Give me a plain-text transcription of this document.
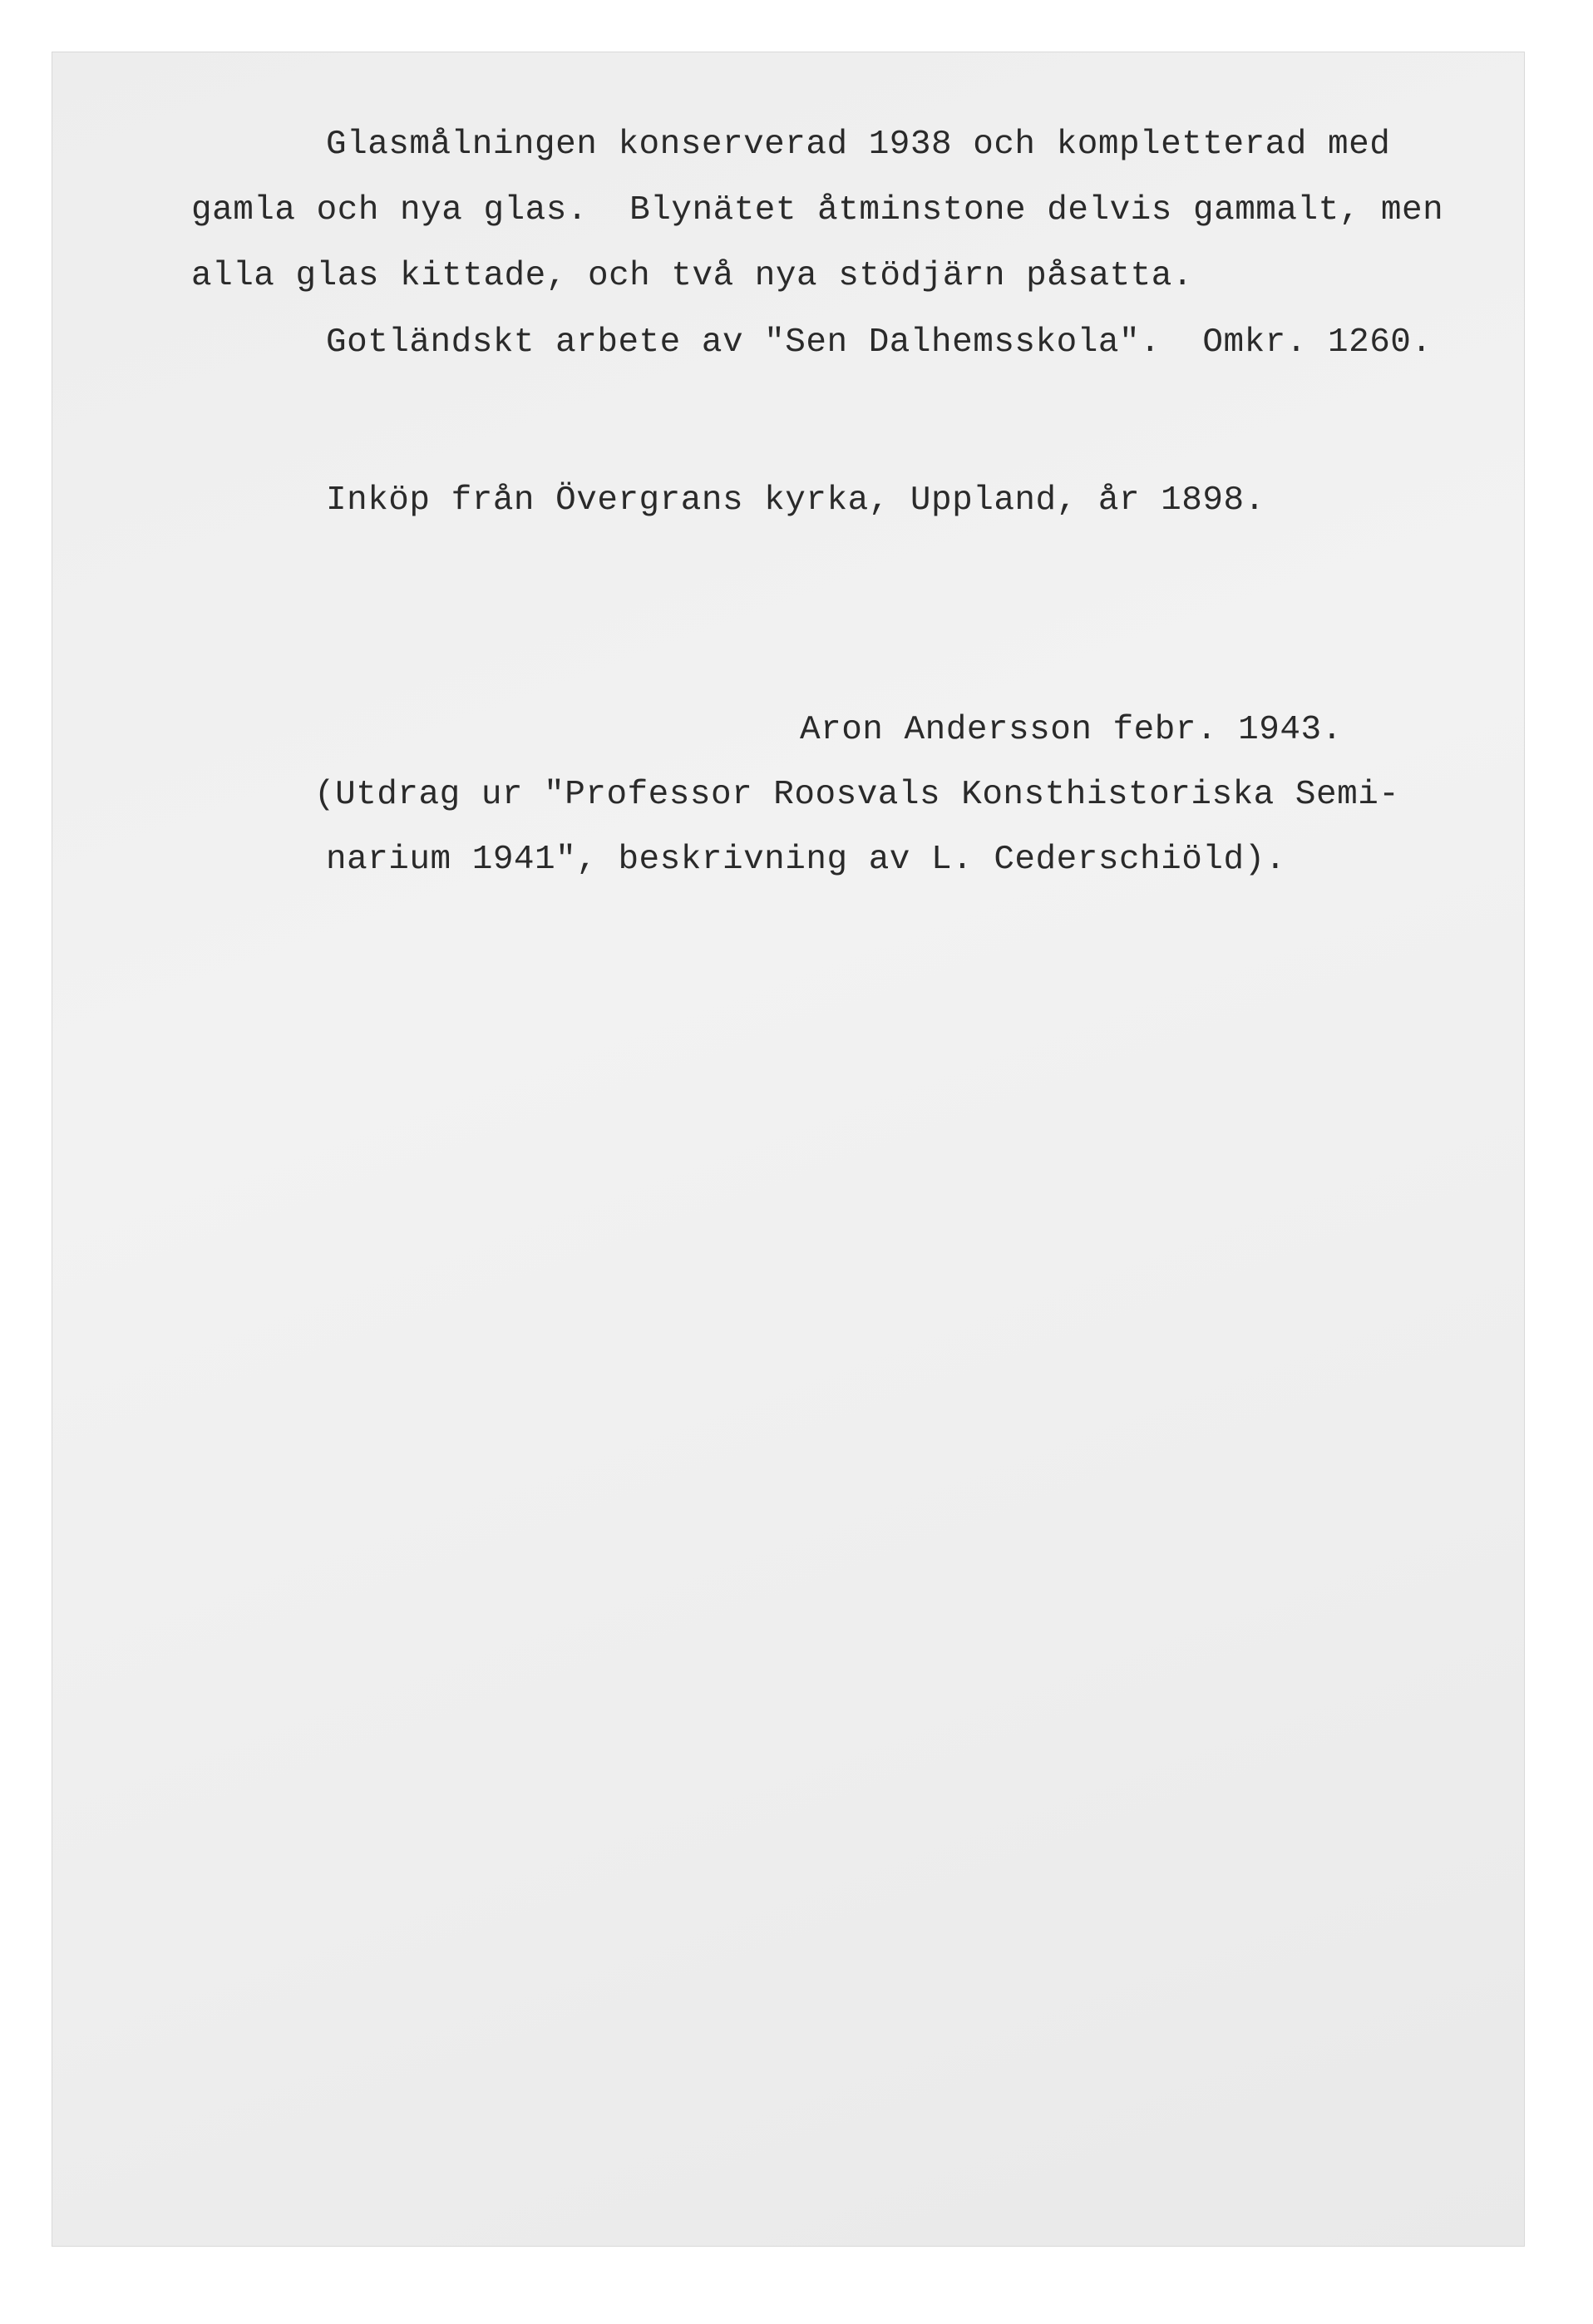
Glasmålningen konserverad 1938 och kompletterad med
gamla och nya glas.  Blynätet åtminstone delvis gammalt, men
alla glas kittade, och två nya stödjärn påsatta.
Gotländskt arbete av "Sen Dalhemsskola".  Omkr. 1260.
Inköp från Övergrans kyrka, Uppland, år 1898.
Aron Andersson febr. 1943.
(Utdrag ur "Professor Roosvals Konsthistoriska Semi-
narium 1941", beskrivning av L. Cederschiöld).
